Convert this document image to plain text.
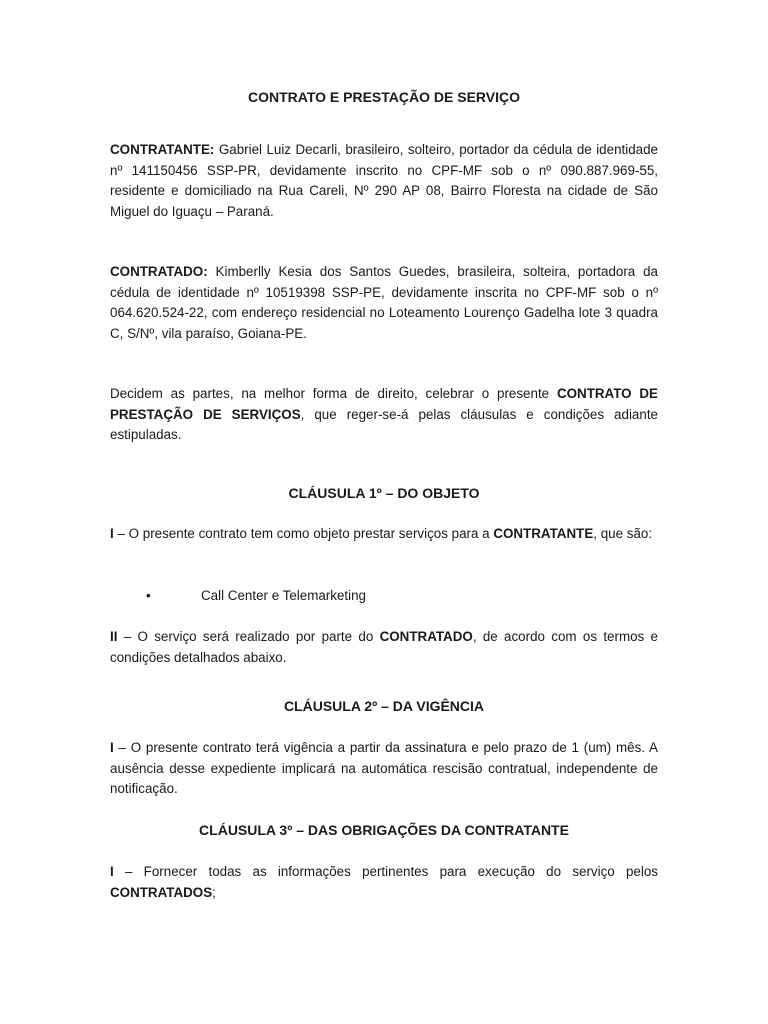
CONTRATO E PRESTAÇÃO DE SERVIÇO

CONTRATANTE: Gabriel Luiz Decarli, brasileiro, solteiro, portador da cédula de identidade nº 141150456 SSP-PR, devidamente inscrito no CPF-MF sob o nº 090.887.969-55, residente e domiciliado na Rua Careli, Nº 290 AP 08, Bairro Floresta na cidade de São Miguel do Iguaçu – Paraná.

CONTRATADO: Kimberlly Kesia dos Santos Guedes, brasileira, solteira, portadora da cédula de identidade nº 10519398 SSP-PE, devidamente inscrita no CPF-MF sob o nº 064.620.524-22, com endereço residencial no Loteamento Lourenço Gadelha lote 3 quadra C, S/Nº, vila paraíso, Goiana-PE.

Decidem as partes, na melhor forma de direito, celebrar o presente CONTRATO DE PRESTAÇÃO DE SERVIÇOS, que reger-se-á pelas cláusulas e condições adiante estipuladas.

CLÁUSULA 1º – DO OBJETO

I – O presente contrato tem como objeto prestar serviços para a CONTRATANTE, que são:

•	Call Center e Telemarketing

II – O serviço será realizado por parte do CONTRATADO, de acordo com os termos e condições detalhados abaixo.

CLÁUSULA 2º – DA VIGÊNCIA

I – O presente contrato terá vigência a partir da assinatura e pelo prazo de 1 (um) mês. A ausência desse expediente implicará na automática rescisão contratual, independente de notificação.

CLÁUSULA 3º – DAS OBRIGAÇÕES DA CONTRATANTE

I – Fornecer todas as informações pertinentes para execução do serviço pelos CONTRATADOS;
